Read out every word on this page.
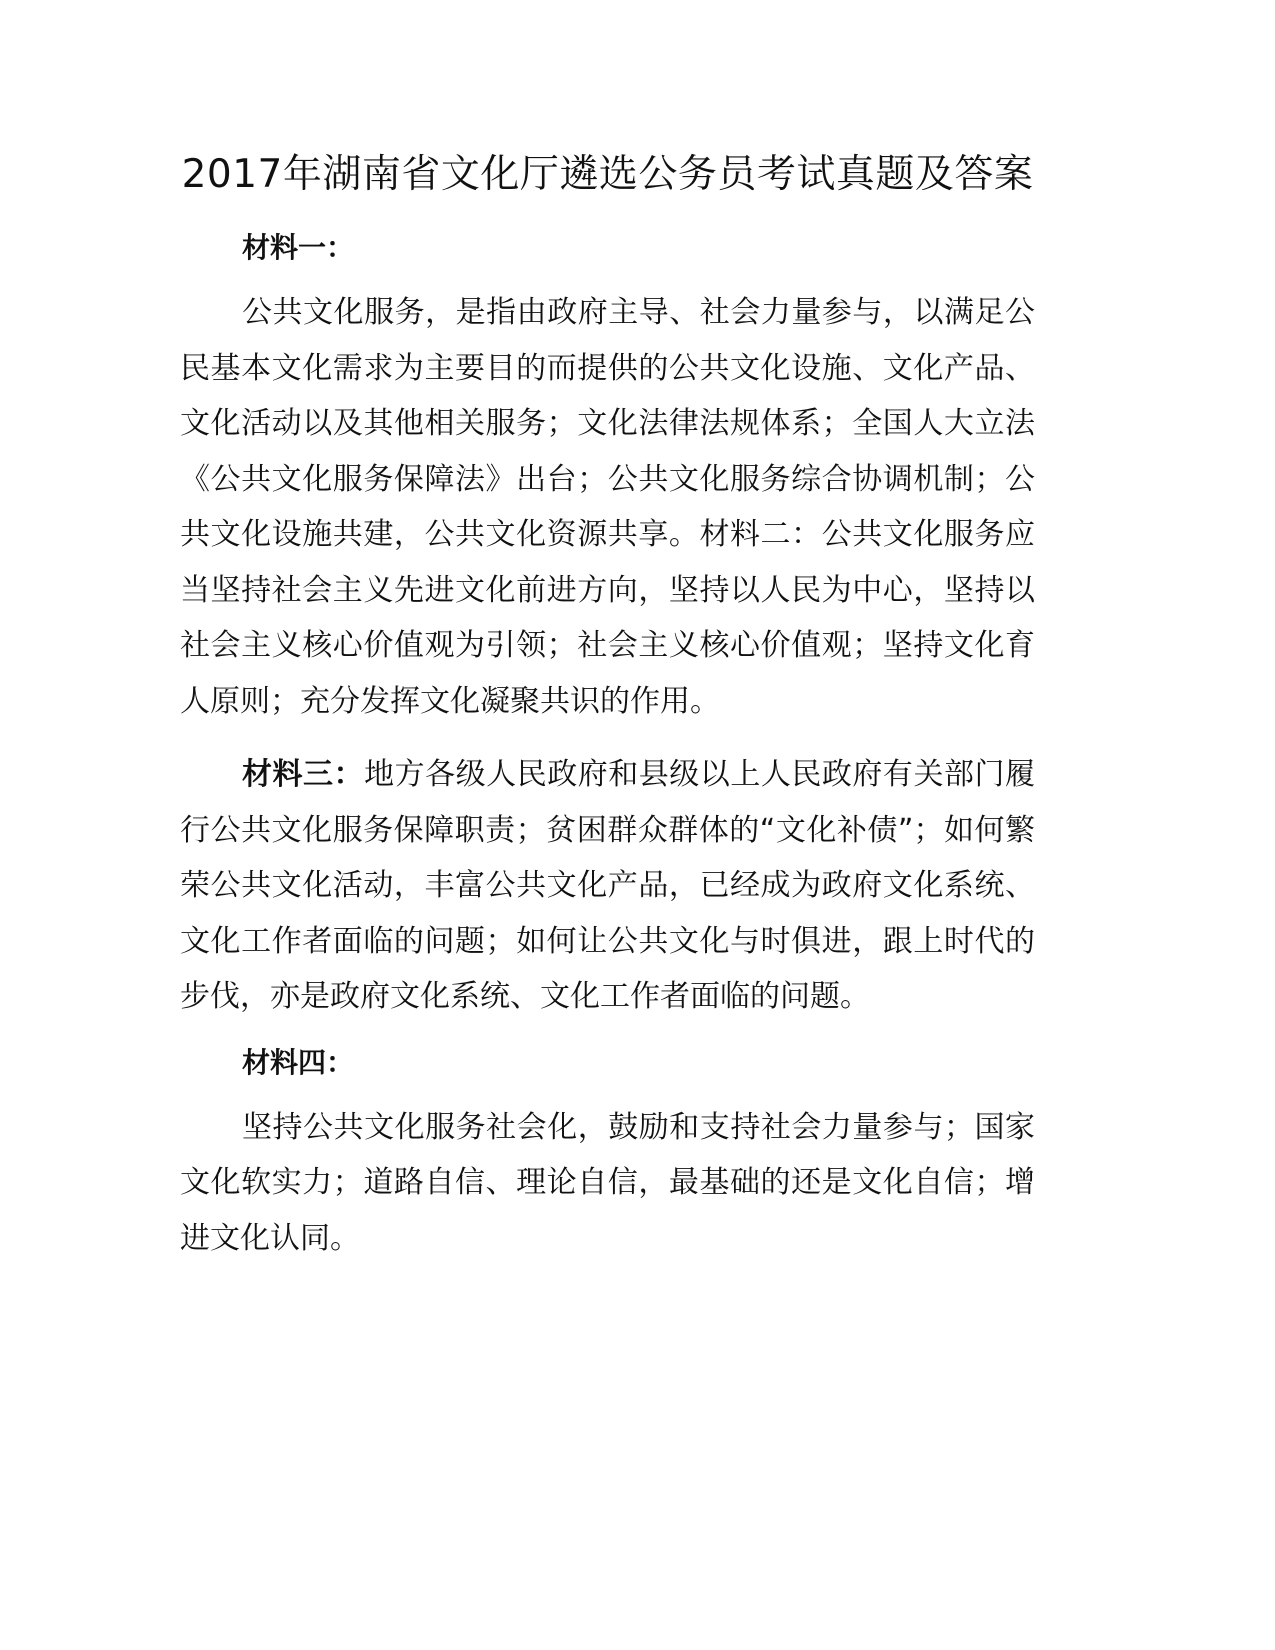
2017年湖南省文化厅遴选公务员考试真题及答案

材料一：

公共文化服务，是指由政府主导、社会力量参与，以满足公民基本文化需求为主要目的而提供的公共文化设施、文化产品、文化活动以及其他相关服务；文化法律法规体系；全国人大立法《公共文化服务保障法》出台；公共文化服务综合协调机制；公共文化设施共建，公共文化资源共享。材料二：公共文化服务应当坚持社会主义先进文化前进方向，坚持以人民为中心，坚持以社会主义核心价值观为引领；社会主义核心价值观；坚持文化育人原则；充分发挥文化凝聚共识的作用。

材料三：地方各级人民政府和县级以上人民政府有关部门履行公共文化服务保障职责；贫困群众群体的“文化补债”；如何繁荣公共文化活动，丰富公共文化产品，已经成为政府文化系统、文化工作者面临的问题；如何让公共文化与时俱进，跟上时代的步伐，亦是政府文化系统、文化工作者面临的问题。

材料四：

坚持公共文化服务社会化，鼓励和支持社会力量参与；国家文化软实力；道路自信、理论自信，最基础的还是文化自信；增进文化认同。
